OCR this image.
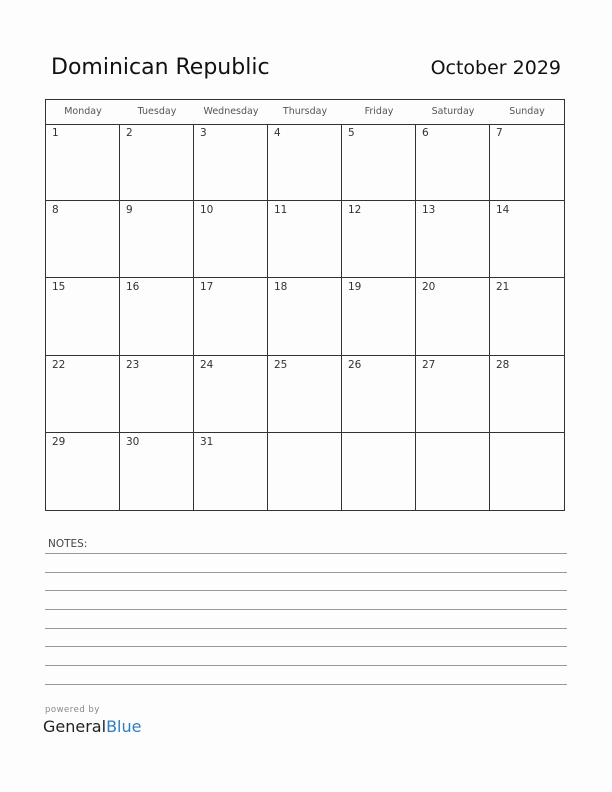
Dominican Republic	October 2029
Monday	Tuesday	Wednesday	Thursday	Friday	Saturday	Sunday
1	2	3	4	5	6	7
8	9	10	11	12	13	14
15	16	17	18	19	20	21
22	23	24	25	26	27	28
29	30	31
NOTES:
powered by
GeneralBlue
